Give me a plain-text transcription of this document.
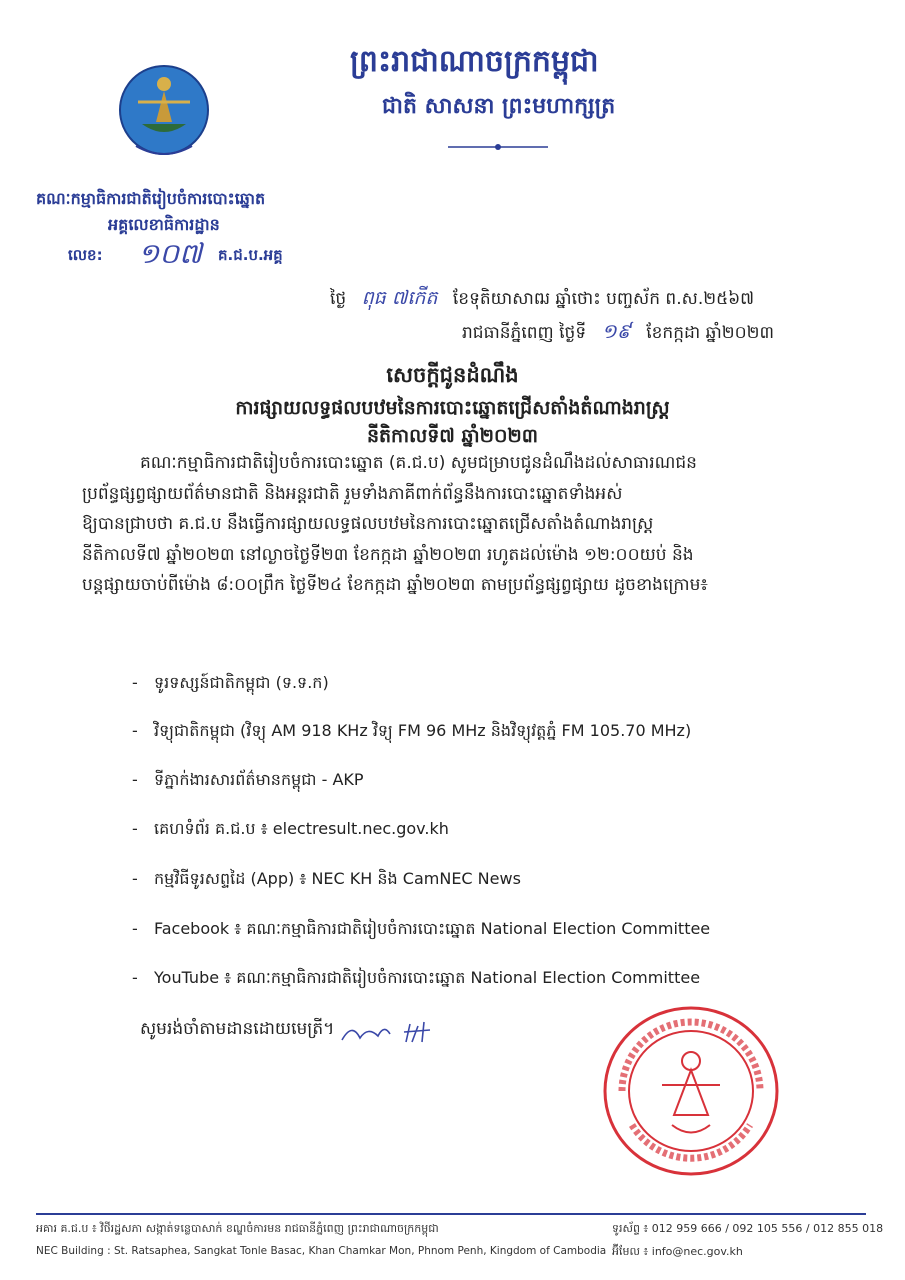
ព្រះរាជាណាចក្រកម្ពុជា
ជាតិ សាសនា ព្រះមហាក្សត្រ
គណៈកម្មាធិការជាតិរៀបចំការបោះឆ្នោត
អគ្គលេខាធិការដ្ឋាន
លេខ: ១០៧ គ.ជ.ប.អគ្គ
ថ្ងៃ ពុធ ៧កើត ខែទុតិយាសាឍ ឆ្នាំថោះ បញ្ចស័ក ព.ស.២៥៦៧
រាជធានីភ្នំពេញ ថ្ងៃទី ១៩ ខែកក្កដា ឆ្នាំ២០២៣
សេចក្តីជូនដំណឹង
ការផ្សាយលទ្ធផលបឋមនៃការបោះឆ្នោតជ្រើសតាំងតំណាងរាស្ត្រ
នីតិកាលទី៧ ឆ្នាំ២០២៣
គណៈកម្មាធិការជាតិរៀបចំការបោះឆ្នោត (គ.ជ.ប) សូមជម្រាបជូនដំណឹងដល់សាធារណជន
ប្រព័ន្ធផ្សព្វផ្សាយព័ត៌មានជាតិ និងអន្តរជាតិ រួមទាំងភាគីពាក់ព័ន្ធនឹងការបោះឆ្នោតទាំងអស់
ឱ្យបានជ្រាបថា គ.ជ.ប នឹងធ្វើការផ្សាយលទ្ធផលបឋមនៃការបោះឆ្នោតជ្រើសតាំងតំណាងរាស្ត្រ
នីតិកាលទី៧ ឆ្នាំ២០២៣ នៅល្ងាចថ្ងៃទី២៣ ខែកក្កដា ឆ្នាំ២០២៣ រហូតដល់ម៉ោង ១២:០០យប់ និង
បន្តផ្សាយចាប់ពីម៉ោង ៨:០០ព្រឹក ថ្ងៃទី២៤ ខែកក្កដា ឆ្នាំ២០២៣ តាមប្រព័ន្ធផ្សព្វផ្សាយ ដូចខាងក្រោម៖
- ទូរទស្សន៍ជាតិកម្ពុជា (ទ.ទ.ក)
- វិទ្យុជាតិកម្ពុជា (វិទ្យុ AM 918 KHz វិទ្យុ FM 96 MHz និងវិទ្យុវត្តភ្នំ FM 105.70 MHz)
- ទីភ្នាក់ងារសារព័ត៌មានកម្ពុជា - AKP
- គេហទំព័រ គ.ជ.ប ៖ electresult.nec.gov.kh
- កម្មវិធីទូរសព្ទដៃ (App) ៖ NEC KH និង CamNEC News
- Facebook ៖ គណៈកម្មាធិការជាតិរៀបចំការបោះឆ្នោត National Election Committee
- YouTube ៖ គណៈកម្មាធិការជាតិរៀបចំការបោះឆ្នោត National Election Committee
សូមរង់ចាំតាមដានដោយមេត្រី។
អគារ គ.ជ.ប ៖ វិថីរដ្ឋសភា សង្កាត់ទន្លេបាសាក់ ខណ្ឌចំការមន រាជធានីភ្នំពេញ ព្រះរាជាណាចក្រកម្ពុជា	ទូរស័ព្ទ ៖ 012 959 666 / 092 105 556 / 012 855 018
NEC Building : St. Ratsaphea, Sangkat Tonle Basac, Khan Chamkar Mon, Phnom Penh, Kingdom of Cambodia អ៊ីមែល ៖ info@nec.gov.kh
